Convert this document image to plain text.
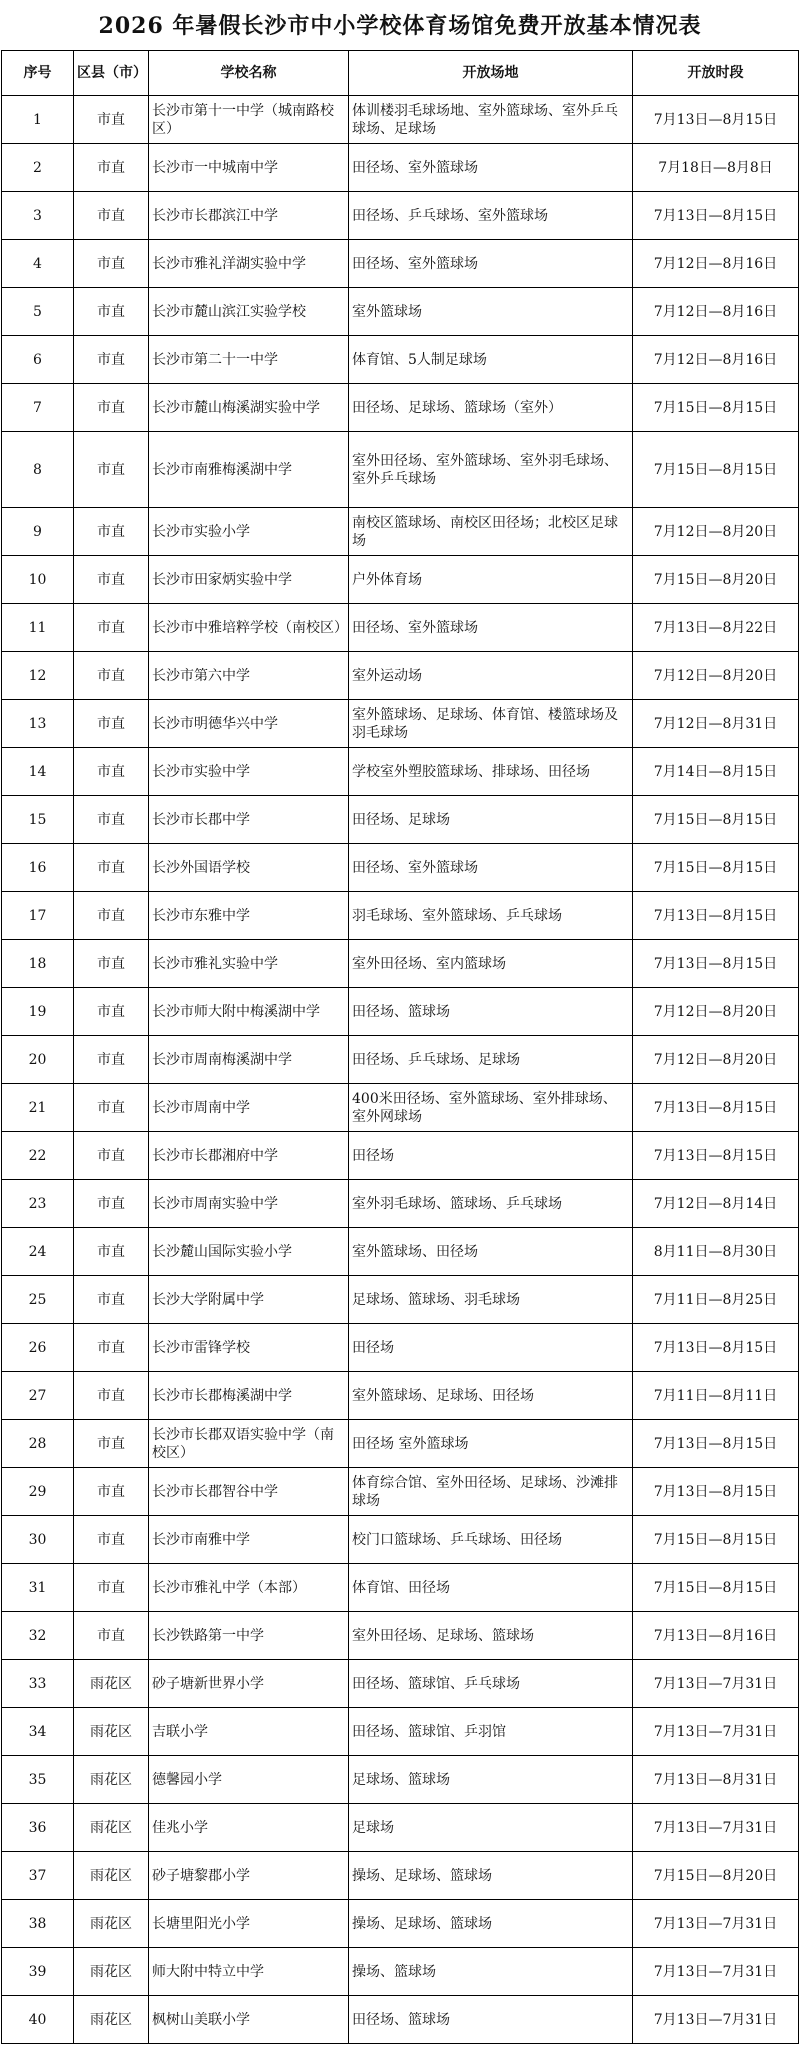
2026 年暑假长沙市中小学校体育场馆免费开放基本情况表
序号	区县（市）	学校名称	开放场地	开放时段
1	市直	长沙市第十一中学（城南路校区）	体训楼羽毛球场地、室外篮球场、室外乒乓球场、足球场	7月13日—8月15日
2	市直	长沙市一中城南中学	田径场、室外篮球场	7月18日—8月8日
3	市直	长沙市长郡滨江中学	田径场、乒乓球场、室外篮球场	7月13日—8月15日
4	市直	长沙市雅礼洋湖实验中学	田径场、室外篮球场	7月12日—8月16日
5	市直	长沙市麓山滨江实验学校	室外篮球场	7月12日—8月16日
6	市直	长沙市第二十一中学	体育馆、5人制足球场	7月12日—8月16日
7	市直	长沙市麓山梅溪湖实验中学	田径场、足球场、篮球场（室外）	7月15日—8月15日
8	市直	长沙市南雅梅溪湖中学	室外田径场、室外篮球场、室外羽毛球场、室外乒乓球场	7月15日—8月15日
9	市直	长沙市实验小学	南校区篮球场、南校区田径场；北校区足球场	7月12日—8月20日
10	市直	长沙市田家炳实验中学	户外体育场	7月15日—8月20日
11	市直	长沙市中雅培粹学校（南校区）	田径场、室外篮球场	7月13日—8月22日
12	市直	长沙市第六中学	室外运动场	7月12日—8月20日
13	市直	长沙市明德华兴中学	室外篮球场、足球场、体育馆、楼篮球场及羽毛球场	7月12日—8月31日
14	市直	长沙市实验中学	学校室外塑胶篮球场、排球场、田径场	7月14日—8月15日
15	市直	长沙市长郡中学	田径场、足球场	7月15日—8月15日
16	市直	长沙外国语学校	田径场、室外篮球场	7月15日—8月15日
17	市直	长沙市东雅中学	羽毛球场、室外篮球场、乒乓球场	7月13日—8月15日
18	市直	长沙市雅礼实验中学	室外田径场、室内篮球场	7月13日—8月15日
19	市直	长沙市师大附中梅溪湖中学	田径场、篮球场	7月12日—8月20日
20	市直	长沙市周南梅溪湖中学	田径场、乒乓球场、足球场	7月12日—8月20日
21	市直	长沙市周南中学	400米田径场、室外篮球场、室外排球场、室外网球场	7月13日—8月15日
22	市直	长沙市长郡湘府中学	田径场	7月13日—8月15日
23	市直	长沙市周南实验中学	室外羽毛球场、篮球场、乒乓球场	7月12日—8月14日
24	市直	长沙麓山国际实验小学	室外篮球场、田径场	8月11日—8月30日
25	市直	长沙大学附属中学	足球场、篮球场、羽毛球场	7月11日—8月25日
26	市直	长沙市雷锋学校	田径场	7月13日—8月15日
27	市直	长沙市长郡梅溪湖中学	室外篮球场、足球场、田径场	7月11日—8月11日
28	市直	长沙市长郡双语实验中学（南校区）	田径场 室外篮球场	7月13日—8月15日
29	市直	长沙市长郡智谷中学	体育综合馆、室外田径场、足球场、沙滩排球场	7月13日—8月15日
30	市直	长沙市南雅中学	校门口篮球场、乒乓球场、田径场	7月15日—8月15日
31	市直	长沙市雅礼中学（本部）	体育馆、田径场	7月15日—8月15日
32	市直	长沙铁路第一中学	室外田径场、足球场、篮球场	7月13日—8月16日
33	雨花区	砂子塘新世界小学	田径场、篮球馆、乒乓球场	7月13日—7月31日
34	雨花区	吉联小学	田径场、篮球馆、乒羽馆	7月13日—7月31日
35	雨花区	德馨园小学	足球场、篮球场	7月13日—8月31日
36	雨花区	佳兆小学	足球场	7月13日—7月31日
37	雨花区	砂子塘黎郡小学	操场、足球场、篮球场	7月15日—8月20日
38	雨花区	长塘里阳光小学	操场、足球场、篮球场	7月13日—7月31日
39	雨花区	师大附中特立中学	操场、篮球场	7月13日—7月31日
40	雨花区	枫树山美联小学	田径场、篮球场	7月13日—7月31日
